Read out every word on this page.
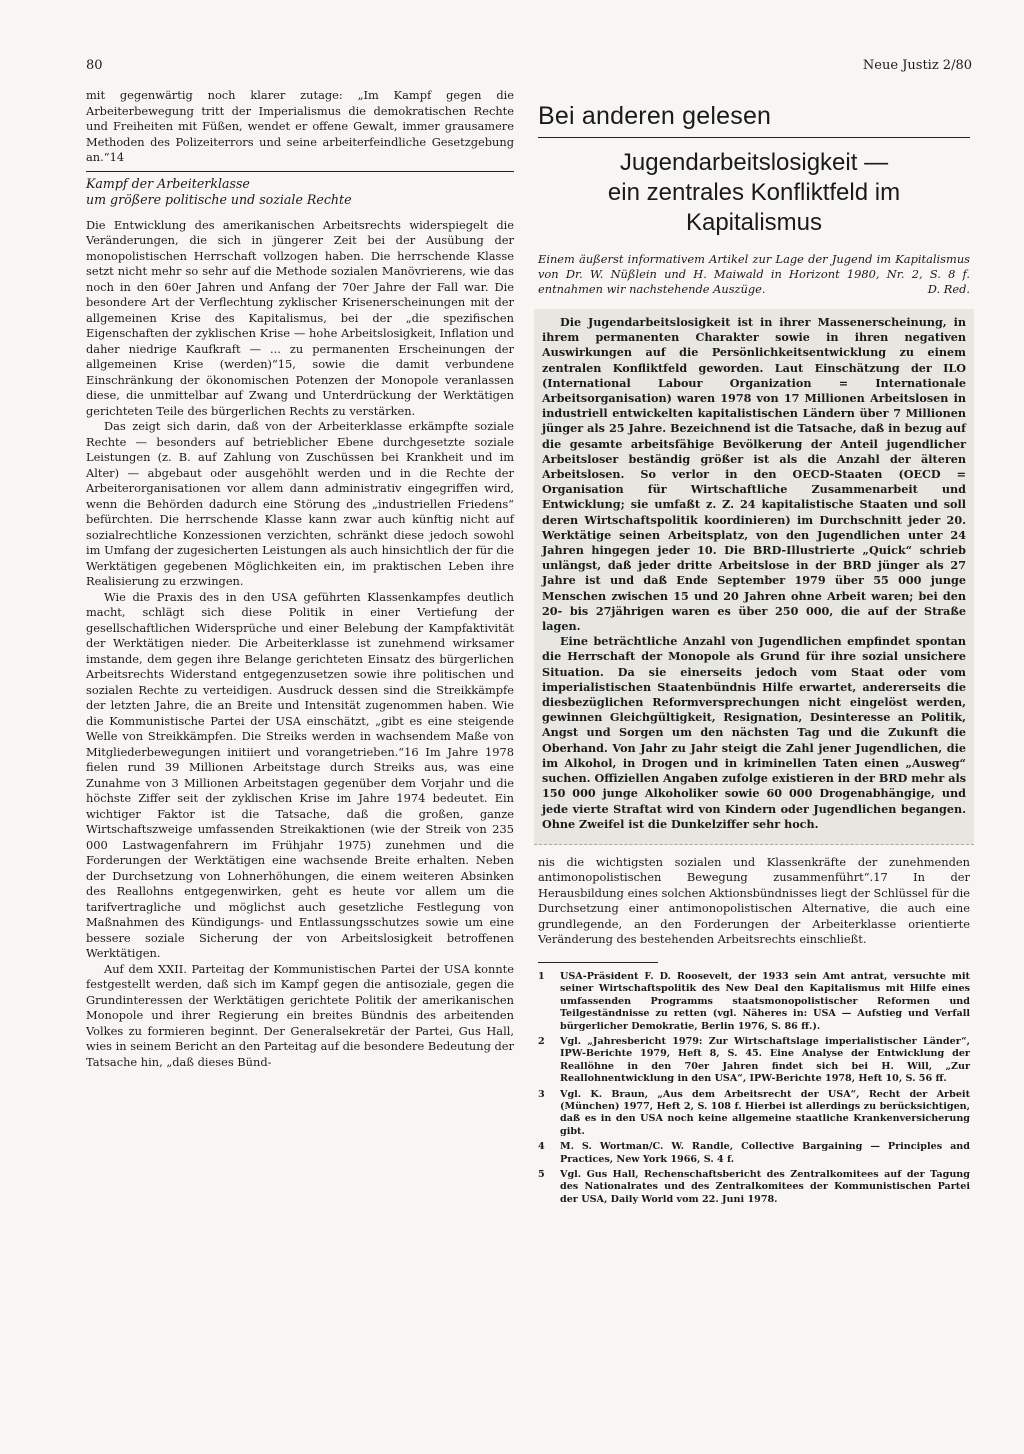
80	Neue Justiz 2/80

mit gegenwärtig noch klarer zutage: „Im Kampf gegen die Arbeiterbewegung tritt der Imperialismus die demokratischen Rechte und Freiheiten mit Füßen, wendet er offene Gewalt, immer grausamere Methoden des Polizeiterrors und seine arbeiterfeindliche Gesetzgebung an.“14

Kampf der Arbeiterklasse
um größere politische und soziale Rechte

Die Entwicklung des amerikanischen Arbeitsrechts widerspiegelt die Veränderungen, die sich in jüngerer Zeit bei der Ausübung der monopolistischen Herrschaft vollzogen haben. Die herrschende Klasse setzt nicht mehr so sehr auf die Methode sozialen Manövrierens, wie das noch in den 60er Jahren und Anfang der 70er Jahre der Fall war. Die besondere Art der Verflechtung zyklischer Krisenerscheinungen mit der allgemeinen Krise des Kapitalismus, bei der „die spezifischen Eigenschaften der zyklischen Krise — hohe Arbeitslosigkeit, Inflation und daher niedrige Kaufkraft — ... zu permanenten Erscheinungen der allgemeinen Krise (werden)“15, sowie die damit verbundene Einschränkung der ökonomischen Potenzen der Monopole veranlassen diese, die unmittelbar auf Zwang und Unterdrückung der Werktätigen gerichteten Teile des bürgerlichen Rechts zu verstärken.

Das zeigt sich darin, daß von der Arbeiterklasse erkämpfte soziale Rechte — besonders auf betrieblicher Ebene durchgesetzte soziale Leistungen (z. B. auf Zahlung von Zuschüssen bei Krankheit und im Alter) — abgebaut oder ausgehöhlt werden und in die Rechte der Arbeiterorganisationen vor allem dann administrativ eingegriffen wird, wenn die Behörden dadurch eine Störung des „industriellen Friedens“ befürchten. Die herrschende Klasse kann zwar auch künftig nicht auf sozialrechtliche Konzessionen verzichten, schränkt diese jedoch sowohl im Umfang der zugesicherten Leistungen als auch hinsichtlich der für die Werktätigen gegebenen Möglichkeiten ein, im praktischen Leben ihre Realisierung zu erzwingen.

Wie die Praxis des in den USA geführten Klassenkampfes deutlich macht, schlägt sich diese Politik in einer Vertiefung der gesellschaftlichen Widersprüche und einer Belebung der Kampfaktivität der Werktätigen nieder. Die Arbeiterklasse ist zunehmend wirksamer imstande, dem gegen ihre Belange gerichteten Einsatz des bürgerlichen Arbeitsrechts Widerstand entgegenzusetzen sowie ihre politischen und sozialen Rechte zu verteidigen. Ausdruck dessen sind die Streikkämpfe der letzten Jahre, die an Breite und Intensität zugenommen haben. Wie die Kommunistische Partei der USA einschätzt, „gibt es eine steigende Welle von Streikkämpfen. Die Streiks werden in wachsendem Maße von Mitgliederbewegungen initiiert und vorangetrieben.“16 Im Jahre 1978 fielen rund 39 Millionen Arbeitstage durch Streiks aus, was eine Zunahme von 3 Millionen Arbeitstagen gegenüber dem Vorjahr und die höchste Ziffer seit der zyklischen Krise im Jahre 1974 bedeutet. Ein wichtiger Faktor ist die Tatsache, daß die großen, ganze Wirtschaftszweige umfassenden Streikaktionen (wie der Streik von 235 000 Lastwagenfahrern im Frühjahr 1975) zunehmen und die Forderungen der Werktätigen eine wachsende Breite erhalten. Neben der Durchsetzung von Lohnerhöhungen, die einem weiteren Absinken des Reallohns entgegenwirken, geht es heute vor allem um die tarifvertragliche und möglichst auch gesetzliche Festlegung von Maßnahmen des Kündigungs- und Entlassungsschutzes sowie um eine bessere soziale Sicherung der von Arbeitslosigkeit betroffenen Werktätigen.

Auf dem XXII. Parteitag der Kommunistischen Partei der USA konnte festgestellt werden, daß sich im Kampf gegen die antisoziale, gegen die Grundinteressen der Werktätigen gerichtete Politik der amerikanischen Monopole und ihrer Regierung ein breites Bündnis des arbeitenden Volkes zu formieren beginnt. Der Generalsekretär der Partei, Gus Hall, wies in seinem Bericht an den Parteitag auf die besondere Bedeutung der Tatsache hin, „daß dieses Bünd-

Bei anderen gelesen
Jugendarbeitslosigkeit —
ein zentrales Konfliktfeld im Kapitalismus
Einem äußerst informativem Artikel zur Lage der Jugend im Kapitalismus von Dr. W. Nüßlein und H. Maiwald in Horizont 1980, Nr. 2, S. 8 f. entnahmen wir nachstehende Auszüge.	D. Red.

Die Jugendarbeitslosigkeit ist in ihrer Massenerscheinung, in ihrem permanenten Charakter sowie in ihren negativen Auswirkungen auf die Persönlichkeitsentwicklung zu einem zentralen Konfliktfeld geworden. Laut Einschätzung der ILO (International Labour Organization = Internationale Arbeitsorganisation) waren 1978 von 17 Millionen Arbeitslosen in industriell entwickelten kapitalistischen Ländern über 7 Millionen jünger als 25 Jahre. Bezeichnend ist die Tatsache, daß in bezug auf die gesamte arbeitsfähige Bevölkerung der Anteil jugendlicher Arbeitsloser beständig größer ist als die Anzahl der älteren Arbeitslosen. So verlor in den OECD-Staaten (OECD = Organisation für Wirtschaftliche Zusammenarbeit und Entwicklung; sie umfaßt z. Z. 24 kapitalistische Staaten und soll deren Wirtschaftspolitik koordinieren) im Durchschnitt jeder 20. Werktätige seinen Arbeitsplatz, von den Jugendlichen unter 24 Jahren hingegen jeder 10. Die BRD-Illustrierte „Quick“ schrieb unlängst, daß jeder dritte Arbeitslose in der BRD jünger als 27 Jahre ist und daß Ende September 1979 über 55 000 junge Menschen zwischen 15 und 20 Jahren ohne Arbeit waren; bei den 20- bis 27jährigen waren es über 250 000, die auf der Straße lagen.

Eine beträchtliche Anzahl von Jugendlichen empfindet spontan die Herrschaft der Monopole als Grund für ihre sozial unsichere Situation. Da sie einerseits jedoch vom Staat oder vom imperialistischen Staatenbündnis Hilfe erwartet, andererseits die diesbezüglichen Reformversprechungen nicht eingelöst werden, gewinnen Gleichgültigkeit, Resignation, Desinteresse an Politik, Angst und Sorgen um den nächsten Tag und die Zukunft die Oberhand. Von Jahr zu Jahr steigt die Zahl jener Jugendlichen, die im Alkohol, in Drogen und in kriminellen Taten einen „Ausweg“ suchen. Offiziellen Angaben zufolge existieren in der BRD mehr als 150 000 junge Alkoholiker sowie 60 000 Drogenabhängige, und jede vierte Straftat wird von Kindern oder Jugendlichen begangen. Ohne Zweifel ist die Dunkelziffer sehr hoch.

nis die wichtigsten sozialen und Klassenkräfte der zunehmenden antimonopolistischen Bewegung zusammenführt“.17 In der Herausbildung eines solchen Aktionsbündnisses liegt der Schlüssel für die Durchsetzung einer antimonopolistischen Alternative, die auch eine grundlegende, an den Forderungen der Arbeiterklasse orientierte Veränderung des bestehenden Arbeitsrechts einschließt.

1	USA-Präsident F. D. Roosevelt, der 1933 sein Amt antrat, versuchte mit seiner Wirtschaftspolitik des New Deal den Kapitalismus mit Hilfe eines umfassenden Programms staatsmonopolistischer Reformen und Teilgeständnisse zu retten (vgl. Näheres in: USA — Aufstieg und Verfall bürgerlicher Demokratie, Berlin 1976, S. 86 ff.).
2	Vgl. „Jahresbericht 1979: Zur Wirtschaftslage imperialistischer Länder“, IPW-Berichte 1979, Heft 8, S. 45. Eine Analyse der Entwicklung der Reallöhne in den 70er Jahren findet sich bei H. Will, „Zur Reallohnentwicklung in den USA“, IPW-Berichte 1978, Heft 10, S. 56 ff.
3	Vgl. K. Braun, „Aus dem Arbeitsrecht der USA“, Recht der Arbeit (München) 1977, Heft 2, S. 108 f. Hierbei ist allerdings zu berücksichtigen, daß es in den USA noch keine allgemeine staatliche Krankenversicherung gibt.
4	M. S. Wortman/C. W. Randle, Collective Bargaining — Principles and Practices, New York 1966, S. 4 f.
5	Vgl. Gus Hall, Rechenschaftsbericht des Zentralkomitees auf der Tagung des Nationalrates und des Zentralkomitees der Kommunistischen Partei der USA, Daily World vom 22. Juni 1978.
